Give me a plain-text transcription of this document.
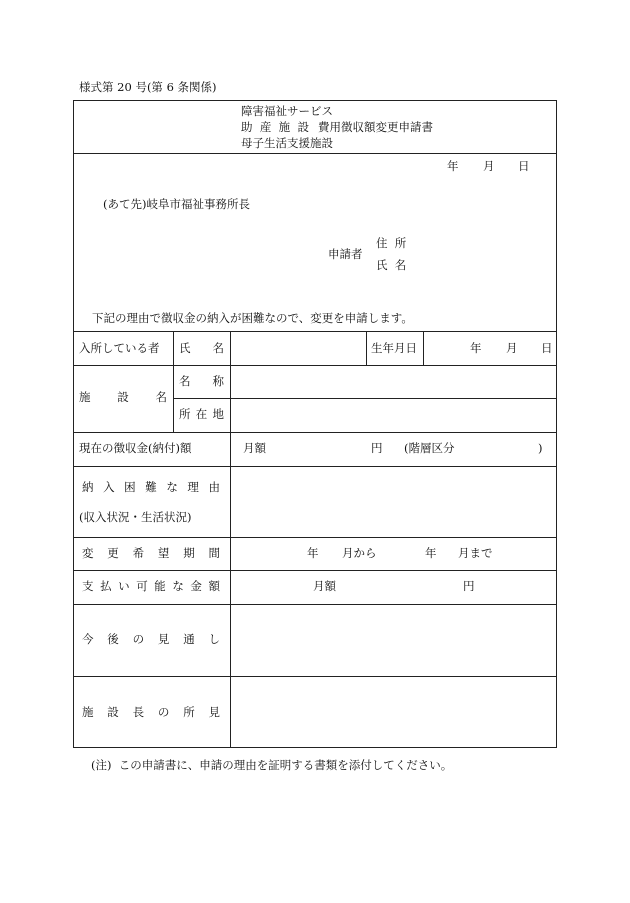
様式第 20 号(第 6 条関係)
障害福祉サービス
助 産 施 設 費用徴収額変更申請書
母子生活支援施設
年 月 日
(あて先)岐阜市福祉事務所長
申請者
住  所
氏  名
下記の理由で徴収金の納入が困難なので、変更を申請します。
入所している者 氏 名	生年月日	年 月 日
施 設 名
名 称
所 在 地
現在の徴収金(納付)額	月額	円 (階層区分	)
納 入 困 難 な 理 由
(収入状況・生活状況)
変 更 希 望 期 間	年 月から	年 月まで
支 払 い 可 能 な 金 額	月額	円
今 後 の 見 通 し
施 設 長 の 所 見
(注)  この申請書に、申請の理由を証明する書類を添付してください。
